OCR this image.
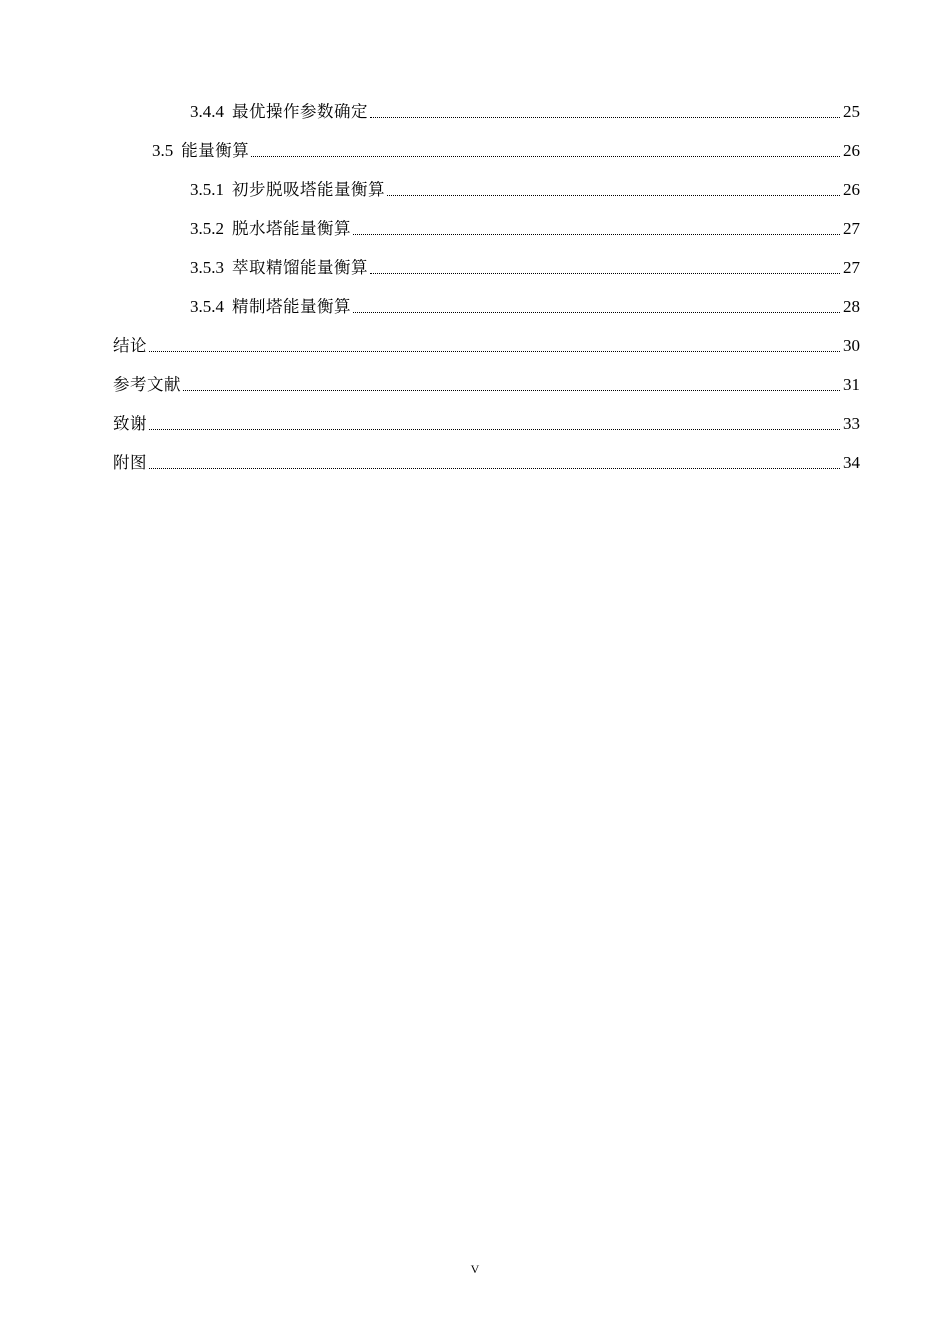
3.4.4 最优操作参数确定	25
3.5 能量衡算	26
3.5.1 初步脱吸塔能量衡算	26
3.5.2 脱水塔能量衡算	27
3.5.3 萃取精馏能量衡算	27
3.5.4 精制塔能量衡算	28
结论	30
参考文献	31
致谢	33
附图	34
V
